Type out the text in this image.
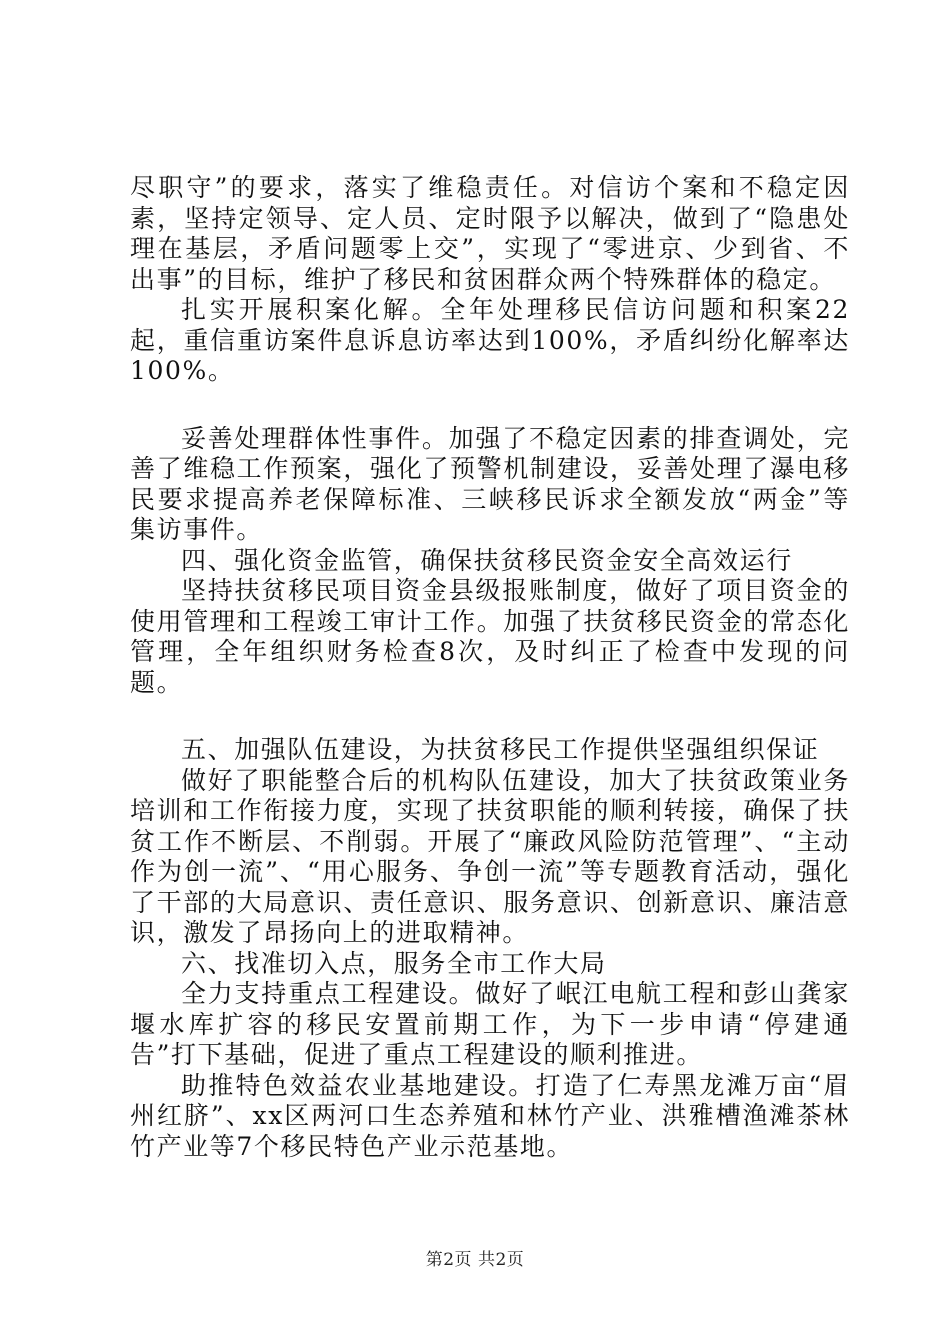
尽职守”的要求，落实了维稳责任。对信访个案和不稳定因素，坚持定领导、定人员、定时限予以解决，做到了“隐患处理在基层，矛盾问题零上交”，实现了“零进京、少到省、不出事”的目标，维护了移民和贫困群众两个特殊群体的稳定。

扎实开展积案化解。全年处理移民信访问题和积案22起，重信重访案件息诉息访率达到100%，矛盾纠纷化解率达100%。

妥善处理群体性事件。加强了不稳定因素的排查调处，完善了维稳工作预案，强化了预警机制建设，妥善处理了瀑电移民要求提高养老保障标准、三峡移民诉求全额发放“两金”等集访事件。

四、强化资金监管，确保扶贫移民资金安全高效运行

坚持扶贫移民项目资金县级报账制度，做好了项目资金的使用管理和工程竣工审计工作。加强了扶贫移民资金的常态化管理，全年组织财务检查8次，及时纠正了检查中发现的问题。

五、加强队伍建设，为扶贫移民工作提供坚强组织保证

做好了职能整合后的机构队伍建设，加大了扶贫政策业务培训和工作衔接力度，实现了扶贫职能的顺利转接，确保了扶贫工作不断层、不削弱。开展了“廉政风险防范管理”、“主动作为创一流”、“用心服务、争创一流”等专题教育活动，强化了干部的大局意识、责任意识、服务意识、创新意识、廉洁意识，激发了昂扬向上的进取精神。

六、找准切入点，服务全市工作大局

全力支持重点工程建设。做好了岷江电航工程和彭山龚家堰水库扩容的移民安置前期工作，为下一步申请“停建通告”打下基础，促进了重点工程建设的顺利推进。

助推特色效益农业基地建设。打造了仁寿黑龙滩万亩“眉州红脐”、xx区两河口生态养殖和林竹产业、洪雅槽渔滩茶林竹产业等7个移民特色产业示范基地。

第2页 共2页
